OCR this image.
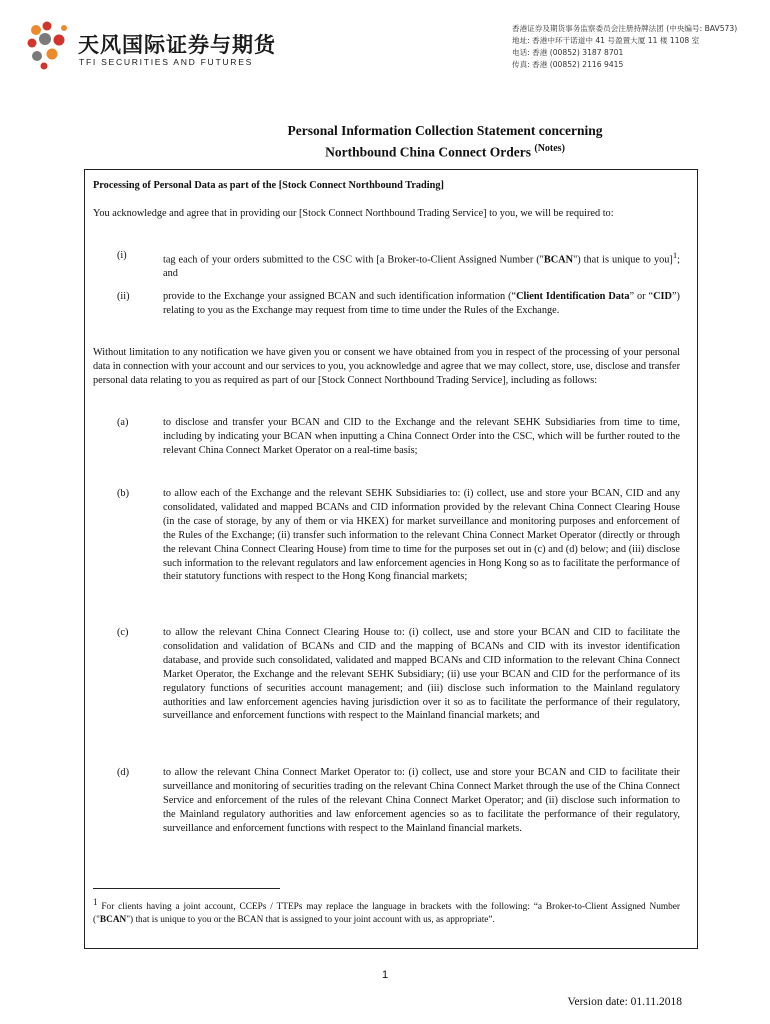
天风国际证券与期货
TFI SECURITIES AND FUTURES
香港证券及期货事务监察委员会注册持牌法团 (中央编号: BAV573)
地址: 香港中环干诺道中 41 号盈置大厦 11 楼 1108 室
电话: 香港 (00852) 3187 8701
传真: 香港 (00852) 2116 9415
Personal Information Collection Statement concerning
Northbound China Connect Orders $^{(Notes)}$

Processing of Personal Data as part of the [Stock Connect Northbound Trading]

You acknowledge and agree that in providing our [Stock Connect Northbound Trading Service] to you, we will be required to:

(i)	tag each of your orders submitted to the CSC with [a Broker-to-Client Assigned Number ("BCAN") that is unique to you]$^1$; and

(ii)	provide to the Exchange your assigned BCAN and such identification information (“Client Identification Data” or “CID”) relating to you as the Exchange may request from time to time under the Rules of the Exchange.

Without limitation to any notification we have given you or consent we have obtained from you in respect of the processing of your personal data in connection with your account and our services to you, you acknowledge and agree that we may collect, store, use, disclose and transfer personal data relating to you as required as part of our [Stock Connect Northbound Trading Service], including as follows:

(a)	to disclose and transfer your BCAN and CID to the Exchange and the relevant SEHK Subsidiaries from time to time, including by indicating your BCAN when inputting a China Connect Order into the CSC, which will be further routed to the relevant China Connect Market Operator on a real-time basis;

(b)	to allow each of the Exchange and the relevant SEHK Subsidiaries to: (i) collect, use and store your BCAN, CID and any consolidated, validated and mapped BCANs and CID information provided by the relevant China Connect Clearing House (in the case of storage, by any of them or via HKEX) for market surveillance and monitoring purposes and enforcement of the Rules of the Exchange; (ii) transfer such information to the relevant China Connect Market Operator (directly or through the relevant China Connect Clearing House) from time to time for the purposes set out in (c) and (d) below; and (iii) disclose such information to the relevant regulators and law enforcement agencies in Hong Kong so as to facilitate the performance of their statutory functions with respect to the Hong Kong financial markets;

(c)	to allow the relevant China Connect Clearing House to: (i) collect, use and store your BCAN and CID to facilitate the consolidation and validation of BCANs and CID and the mapping of BCANs and CID with its investor identification database, and provide such consolidated, validated and mapped BCANs and CID information to the relevant China Connect Market Operator, the Exchange and the relevant SEHK Subsidiary; (ii) use your BCAN and CID for the performance of its regulatory functions of securities account management; and (iii) disclose such information to the Mainland regulatory authorities and law enforcement agencies having jurisdiction over it so as to facilitate the performance of their regulatory, surveillance and enforcement functions with respect to the Mainland financial markets; and

(d)	to allow the relevant China Connect Market Operator to: (i) collect, use and store your BCAN and CID to facilitate their surveillance and monitoring of securities trading on the relevant China Connect Market through the use of the China Connect Service and enforcement of the rules of the relevant China Connect Market Operator; and (ii) disclose such information to the Mainland regulatory authorities and law enforcement agencies so as to facilitate the performance of their regulatory, surveillance and enforcement functions with respect to the Mainland financial markets.

$^1$ For clients having a joint account, CCEPs / TTEPs may replace the language in brackets with the following: “a Broker-to-Client Assigned Number ("BCAN") that is unique to you or the BCAN that is assigned to your joint account with us, as appropriate”.

1
Version date: 01.11.2018
